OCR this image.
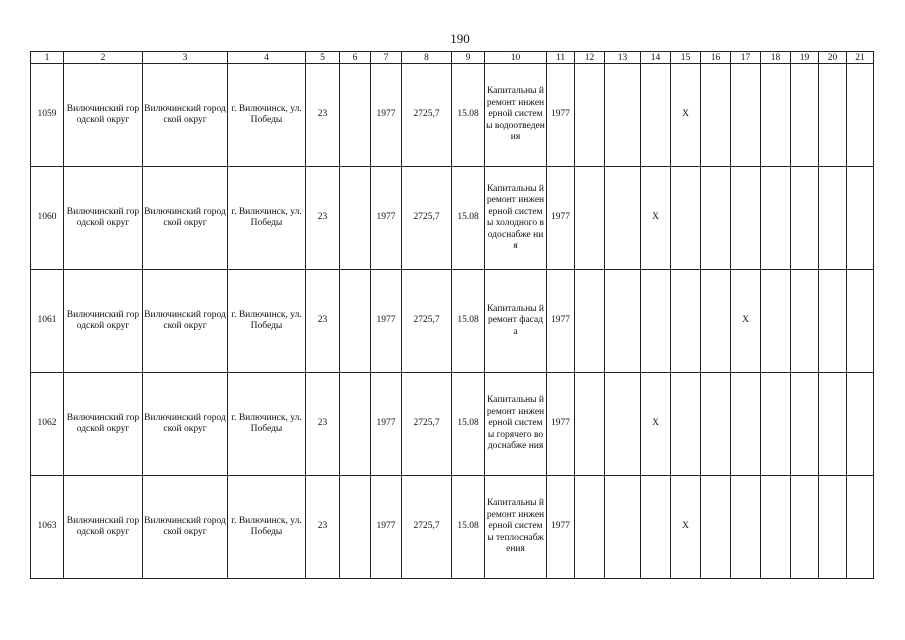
190
1	2	3	4	5	6	7	8	9	10	11	12	13	14	15	16	17	18	19	20	21
1059	Вилючинский городской округ	Вилючинский городской округ	г. Вилючинск, ул. Победы	23		1977	2725,7	15.08	Капитальны й ремонт инженерной системы водоотведен ия	1977				X						
1060	Вилючинский городской округ	Вилючинский городской округ	г. Вилючинск, ул. Победы	23		1977	2725,7	15.08	Капитальны й ремонт инженерной системы холодного водоснабже ния	1977			X							
1061	Вилючинский городской округ	Вилючинский городской округ	г. Вилючинск, ул. Победы	23		1977	2725,7	15.08	Капитальны й ремонт фасада	1977						X				
1062	Вилючинский городской округ	Вилючинский городской округ	г. Вилючинск, ул. Победы	23		1977	2725,7	15.08	Капитальны й ремонт инженерной системы горячего водоснабже ния	1977			X							
1063	Вилючинский городской округ	Вилючинский городской округ	г. Вилючинск, ул. Победы	23		1977	2725,7	15.08	Капитальны й ремонт инженерной системы теплоснабж ения	1977				X						
